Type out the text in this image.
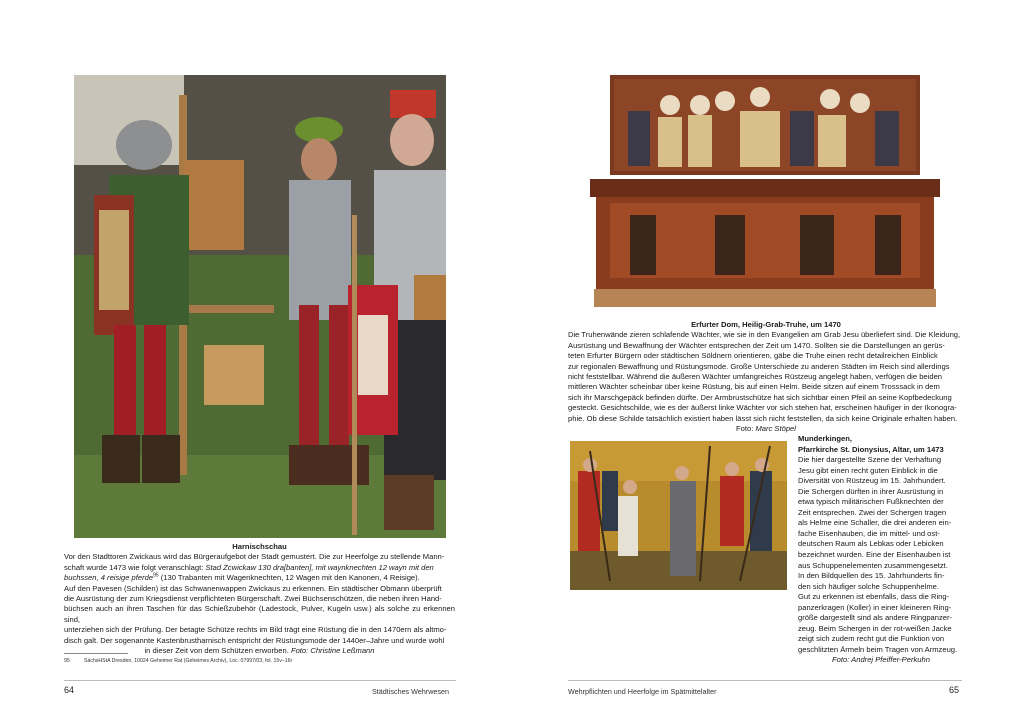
Harnischschau
Vor den Stadttoren Zwickaus wird das Bürgeraufgebot der Stadt gemustert. Die zur Heerfolge zu stellende Mann-
schaft wurde 1473 wie folgt veranschlagt: Stad Zcwickaw 130 dra[banten], mit waynknechten 12 wayn mit den
buchssen, 4 reisige pferde$^{95}$ (130 Trabanten mit Wagenknechten, 12 Wagen mit den Kanonen, 4 Reisige).
Auf den Pavesen (Schilden) ist das Schwanenwappen Zwickaus zu erkennen. Ein städtischer Obmann überprüft
die Ausrüstung der zum Kriegsdienst verpflichteten Bürgerschaft. Zwei Büchsenschützen, die neben ihren Hand-
büchsen auch an ihren Taschen für das Schießzubehör (Ladestock, Pulver, Kugeln usw.) als solche zu erkennen sind,
unterziehen sich der Prüfung. Der betagte Schütze rechts im Bild trägt eine Rüstung die in den 1470ern als altmo-
disch galt. Der sogenannte Kastenbrustharnisch entspricht der Rüstungsmode der 1440er–Jahre und wurde wohl

in dieser Zeit von dem Schützen erworben. Foto: Christine Leßmann
95	SächsHStA Dresden, 10024 Geheimer Rat (Geheimes Archiv), Loc. 07997/03, fol. 15v–16r
64	Städtisches Wehrwesen
Erfurter Dom, Heilig-Grab-Truhe, um 1470
Die Truhenwände zieren schlafende Wächter, wie sie in den Evangelien am Grab Jesu überliefert sind. Die Kleidung,
Ausrüstung und Bewaffnung der Wächter entsprechen der Zeit um 1470. Sollten sie die Darstellungen an gerüs-
teten Erfurter Bürgern oder städtischen Söldnern orientieren, gäbe die Truhe einen recht detailreichen Einblick
zur regionalen Bewaffnung und Rüstungsmode. Große Unterschiede zu anderen Städten im Reich sind allerdings
nicht feststellbar. Während die äußeren Wächter umfangreiches Rüstzeug angelegt haben, verfügen die beiden
mittleren Wächter scheinbar über keine Rüstung, bis auf einen Helm. Beide sitzen auf einem Trosssack in dem
sich ihr Marschgepäck befinden dürfte. Der Armbrustschütze hat sich sichtbar einen Pfeil an seine Kopfbedeckung
gesteckt. Gesichtschilde, wie es der äußerst linke Wächter vor sich stehen hat, erscheinen häufiger in der Ikonogra-
phie. Ob diese Schilde tatsächlich existiert haben lässt sich nicht feststellen, da sich keine Originale erhalten haben.

Foto: Marc Stöpel
Munderkingen,
Pfarrkirche St. Dionysius, Altar, um 1473
Die hier dargestellte Szene der Verhaftung
Jesu gibt einen recht guten Einblick in die
Diversität von Rüstzeug im 15. Jahrhundert.
Die Schergen dürften in ihrer Ausrüstung in
etwa typisch militärischen Fußknechten der
Zeit entsprechen. Zwei der Schergen tragen
als Helme eine Schaller, die drei anderen ein-
fache Eisenhauben, die im mittel- und ost-
deutschen Raum als Lebkas oder Lebicken
bezeichnet wurden. Eine der Eisenhauben ist
aus Schuppenelementen zusammengesetzt.
In den Bildquellen des 15. Jahrhunderts fin-
den sich häufiger solche Schuppenhelme.
Gut zu erkennen ist ebenfalls, dass die Ring-
panzerkragen (Koller) in einer kleineren Ring-
größe dargestellt sind als andere Ringpanzer-
zeug. Beim Schergen in der rot-weißen Jacke
zeigt sich zudem recht gut die Funktion von
geschlitzten Ärmeln beim Tragen von Armzeug.

Foto: Andrej Pfeiffer-Perkuhn
Wehrpflichten und Heerfolge im Spätmittelalter	65
